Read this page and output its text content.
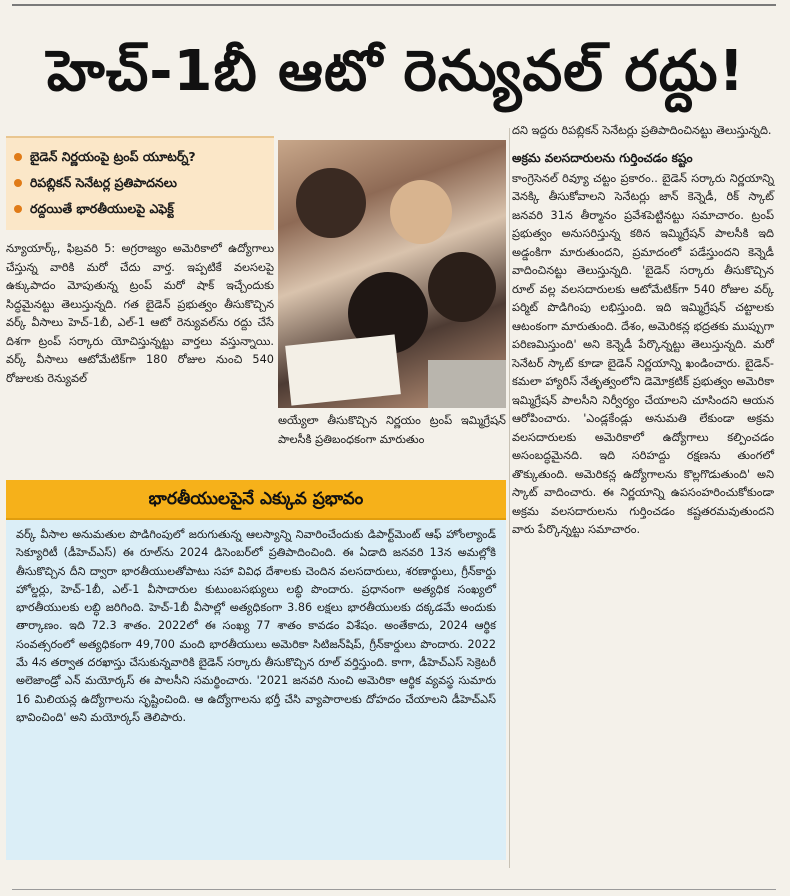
హెచ్-1బీ ఆటో రెన్యువల్ రద్దు!
బైడెన్ నిర్ణయంపై ట్రంప్ యూటర్న్?
రిపబ్లికన్ సెనేటర్ల ప్రతిపాదనలు
రద్దయితే భారతీయులపై ఎఫెక్ట్
న్యూయార్క్, ఫిబ్రవరి 5: అగ్రరాజ్యం అమెరికాలో ఉద్యోగాలు చేస్తున్న వారికి మరో చేదు వార్త. ఇప్పటికే వలసలపై ఉక్కుపాదం మోపుతున్న ట్రంప్ మరో షాక్ ఇచ్చేందుకు సిద్ధమైనట్టు తెలుస్తున్నది. గత బైడెన్ ప్రభుత్వం తీసుకొచ్చిన వర్క్ వీసాలు హెచ్-1బీ, ఎల్-1 ఆటో రెన్యువల్‌ను రద్దు చేసే దిశగా ట్రంప్ సర్కారు యోచిస్తున్నట్టు వార్తలు వస్తున్నాయి. వర్క్ వీసాలు ఆటోమేటిక్‌గా 180 రోజుల నుంచి 540 రోజులకు రెన్యువల్
అయ్యేలా తీసుకొచ్చిన నిర్ణయం ట్రంప్ ఇమ్మిగ్రేషన్ పాలసీకి ప్రతిబంధకంగా మారుతుం
దని ఇద్దరు రిపబ్లికన్ సెనేటర్లు ప్రతిపాదించినట్టు తెలుస్తున్నది.
అక్రమ వలసదారులను గుర్తించడం కష్టం
కాంగ్రెసెనల్ రివ్యూ చట్టం ప్రకారం.. బైడెన్ సర్కారు నిర్ణయాన్ని వెనక్కి తీసుకోవాలని సెనేటర్లు జాన్ కెన్నెడీ, రిక్ స్కాట్ జనవరి 31న తీర్మానం ప్రవేశపెట్టినట్టు సమాచారం. ట్రంప్ ప్రభుత్వం అనుసరిస్తున్న కఠిన ఇమ్మిగ్రేషన్ పాలసీకి ఇది అడ్డంకిగా మారుతుందని, ప్రమాదంలో పడేస్తుందని కెన్నెడీ వాదించినట్టు తెలుస్తున్నది. 'బైడెన్ సర్కారు తీసుకొచ్చిన రూల్ వల్ల వలసదారులకు ఆటోమేటిక్‌గా 540 రోజుల వర్క్ పర్మిట్ పొడిగింపు లభిస్తుంది. ఇది ఇమ్మిగ్రేషన్ చట్టాలకు ఆటంకంగా మారుతుంది. దేశం, అమెరికన్ల భద్రతకు ముప్పుగా పరిణమిస్తుంది' అని కెన్నెడీ పేర్కొన్నట్టు తెలుస్తున్నది. మరో సెనేటర్ స్కాట్ కూడా బైడెన్ నిర్ణయాన్ని ఖండించారు. బైడెన్-కమలా హ్యారిస్ నేతృత్వంలోని డెమోక్రటిక్ ప్రభుత్వం అమెరికా ఇమ్మిగ్రేషన్ పాలసీని నిర్వీర్యం చేయాలని చూసిందని ఆయన ఆరోపించారు. 'ఎండ్లకేండ్లు అనుమతి లేకుండా అక్రమ వలసదారులకు అమెరికాలో ఉద్యోగాలు కల్పించడం అసంబద్ధమైనది. ఇది సరిహద్దు రక్షణను తుంగలో తొక్కుతుంది. అమెరికన్ల ఉద్యోగాలను కొల్లగొడుతుంది' అని స్కాట్ వాదించారు. ఈ నిర్ణయాన్ని ఉపసంహరించుకోకుండా అక్రమ వలసదారులను గుర్తించడం కష్టతరమవుతుందని వారు పేర్కొన్నట్టు సమాచారం.
భారతీయులపైనే ఎక్కువ ప్రభావం
వర్క్ వీసాల అనుమతుల పొడిగింపులో జరుగుతున్న ఆలస్యాన్ని నివారించేందుకు డిపార్ట్‌మెంట్ ఆఫ్ హోంల్యాండ్ సెక్యూరిటీ (డీహెచ్ఎస్) ఈ రూల్‌ను 2024 డిసెంబర్‌లో ప్రతిపాదించింది. ఈ ఏడాది జనవరి 13న అమల్లోకి తీసుకొచ్చిన దీని ద్వారా భారతీయులతోపాటు సహా వివిధ దేశాలకు చెందిన వలసదారులు, శరణార్థులు, గ్రీన్‌కార్డు హోల్డర్లు, హెచ్-1బీ, ఎల్-1 వీసాదారుల కుటుంబసభ్యులు లబ్ధి పొందారు. ప్రధానంగా అత్యధిక సంఖ్యలో భారతీయులకు లబ్ధి జరిగింది. హెచ్-1బీ వీసాల్లో అత్యధికంగా 3.86 లక్షలు భారతీయులకు దక్కడమే అందుకు తార్కాణం. ఇది 72.3 శాతం. 2022లో ఈ సంఖ్య 77 శాతం కావడం విశేషం. అంతేకాదు, 2024 ఆర్థిక సంవత్సరంలో అత్యధికంగా 49,700 మంది భారతీయులు అమెరికా సిటిజన్‌షిప్, గ్రీన్‌కార్డులు పొందారు. 2022 మే 4న తర్వాత దరఖాస్తు చేసుకున్నవారికి బైడెన్ సర్కారు తీసుకొచ్చిన రూల్ వర్తిస్తుంది. కాగా, డీహెచ్ఎస్ సెక్రెటరీ అలెజాండ్రో ఎన్ మయోర్కస్ ఈ పాలసీని సమర్థించారు. '2021 జనవరి నుంచి అమెరికా ఆర్థిక వ్యవస్థ సుమారు 16 మిలియన్ల ఉద్యోగాలను సృష్టించింది. ఆ ఉద్యోగాలను భర్తీ చేసి వ్యాపారాలకు దోహదం చేయాలని డీహెచ్ఎస్ భావించింది' అని మయోర్కస్ తెలిపారు.
